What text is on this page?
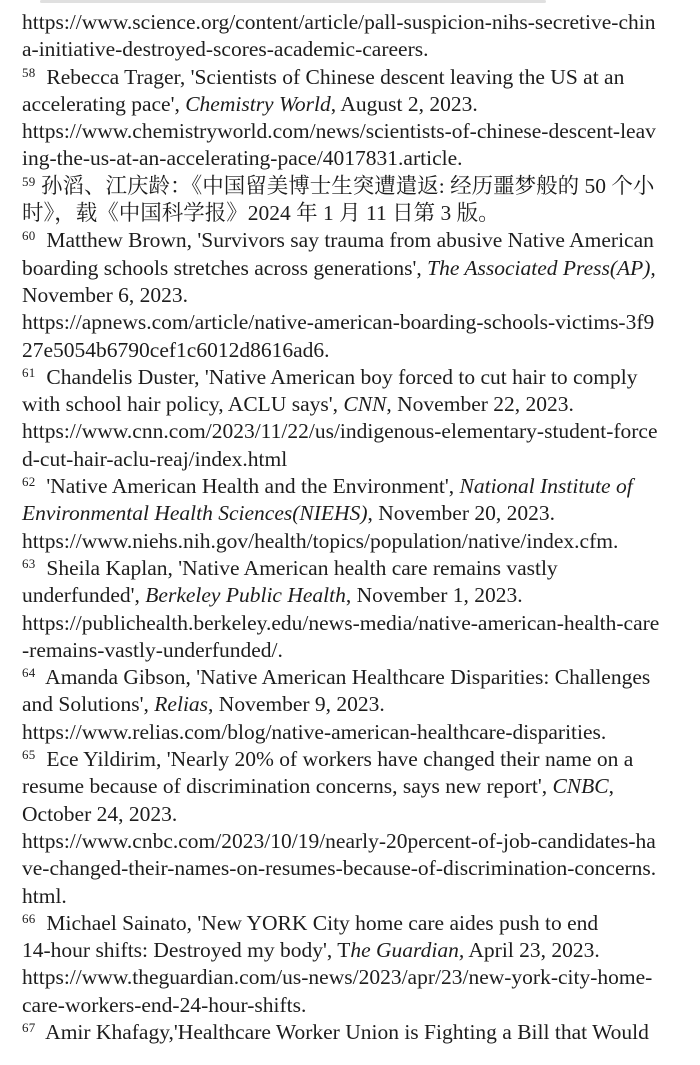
https://www.science.org/content/article/pall-suspicion-nihs-secretive-chin
a-initiative-destroyed-scores-academic-careers.
$^{58}$  Rebecca Trager, 'Scientists of Chinese descent leaving the US at an
accelerating pace', Chemistry World, August 2, 2023.
https://www.chemistryworld.com/news/scientists-of-chinese-descent-leav
ing-the-us-at-an-accelerating-pace/4017831.article.
$^{59}$ 孙滔、江庆龄：《中国留美博士生突遭遣返: 经历噩梦般的 50 个小
时》，载《中国科学报》2024 年 1 月 11 日第 3 版。
$^{60}$  Matthew Brown, 'Survivors say trauma from abusive Native American
boarding schools stretches across generations', The Associated Press(AP),
November 6, 2023.
https://apnews.com/article/native-american-boarding-schools-victims-3f9
27e5054b6790cef1c6012d8616ad6.
$^{61}$  Chandelis Duster, 'Native American boy forced to cut hair to comply
with school hair policy, ACLU says', CNN, November 22, 2023.
https://www.cnn.com/2023/11/22/us/indigenous-elementary-student-force
d-cut-hair-aclu-reaj/index.html
$^{62}$  'Native American Health and the Environment', National Institute of
Environmental Health Sciences(NIEHS), November 20, 2023.
https://www.niehs.nih.gov/health/topics/population/native/index.cfm.
$^{63}$  Sheila Kaplan, 'Native American health care remains vastly
underfunded', Berkeley Public Health, November 1, 2023.
https://publichealth.berkeley.edu/news-media/native-american-health-care
-remains-vastly-underfunded/.
$^{64}$  Amanda Gibson, 'Native American Healthcare Disparities: Challenges
and Solutions', Relias, November 9, 2023.
https://www.relias.com/blog/native-american-healthcare-disparities.
$^{65}$  Ece Yildirim, 'Nearly 20% of workers have changed their name on a
resume because of discrimination concerns, says new report', CNBC,
October 24, 2023.
https://www.cnbc.com/2023/10/19/nearly-20percent-of-job-candidates-ha
ve-changed-their-names-on-resumes-because-of-discrimination-concerns.
html.
$^{66}$  Michael Sainato, 'New YORK City home care aides push to end
14-hour shifts: Destroyed my body', The Guardian, April 23, 2023.
https://www.theguardian.com/us-news/2023/apr/23/new-york-city-home-
care-workers-end-24-hour-shifts.
$^{67}$  Amir Khafagy,'Healthcare Worker Union is Fighting a Bill that Would
